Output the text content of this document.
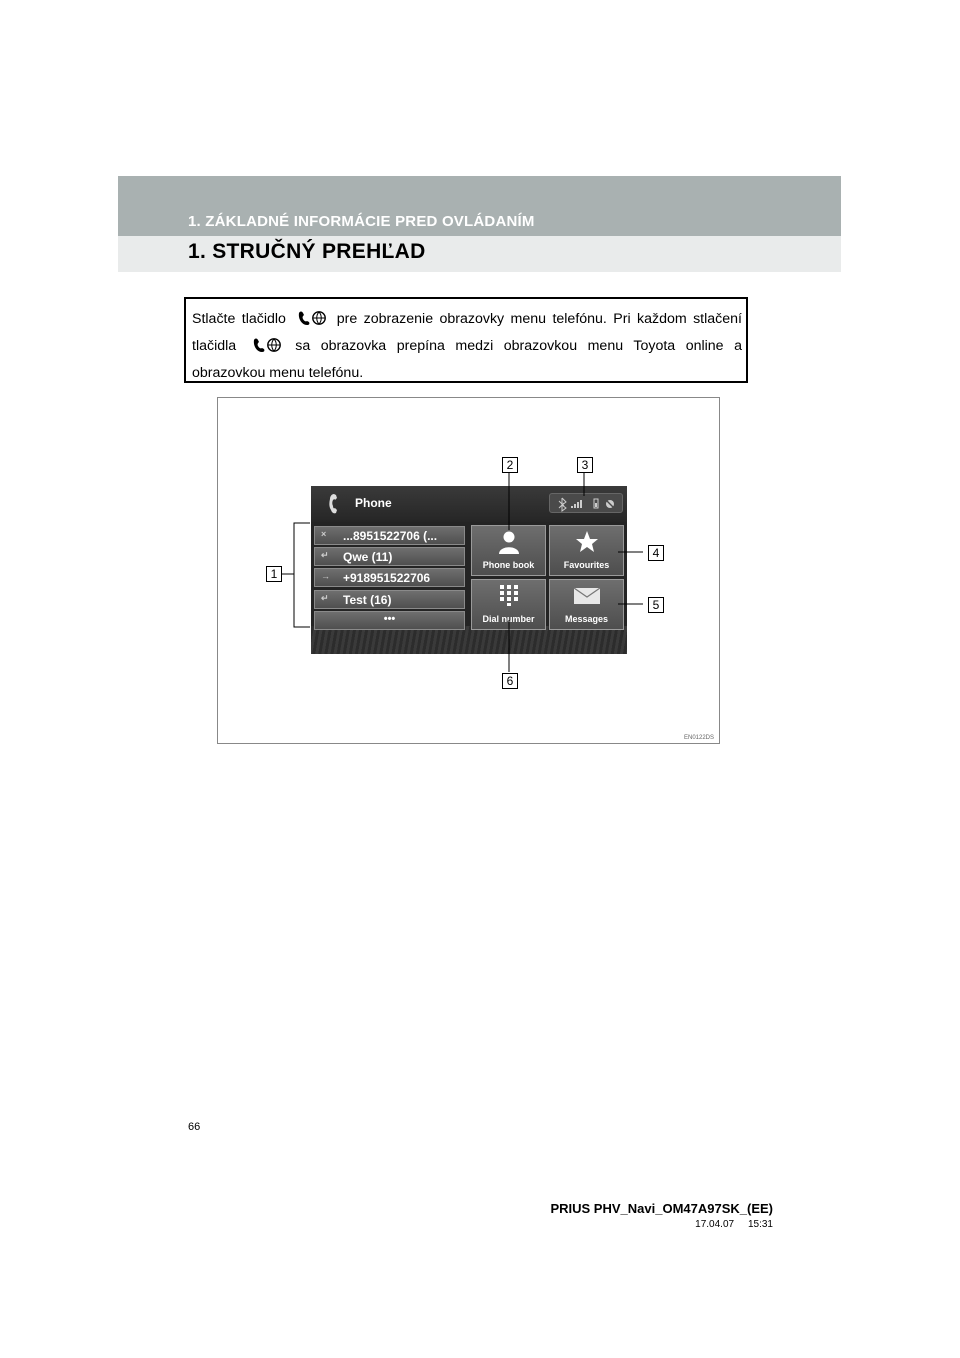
1. ZÁKLADNÉ INFORMÁCIE PRED OVLÁDANÍM
1. STRUČNÝ PREHĽAD
Stlačte tlačidlo	pre zobrazenie obrazovky menu telefónu. Pri každom stlačení tlačidla	sa obrazovka prepína medzi obrazovkou menu Toyota online a obrazovkou menu telefónu.
Phone
× ...8951522706 (...
↵ Qwe (11)
→ +918951522706
↵ Test (16)
•••
Phone book	Favourites
Dial number	Messages
1
2	3
4
5
6
EN0122DS
66
PRIUS PHV_Navi_OM47A97SK_(EE)
17.04.07     15:31
